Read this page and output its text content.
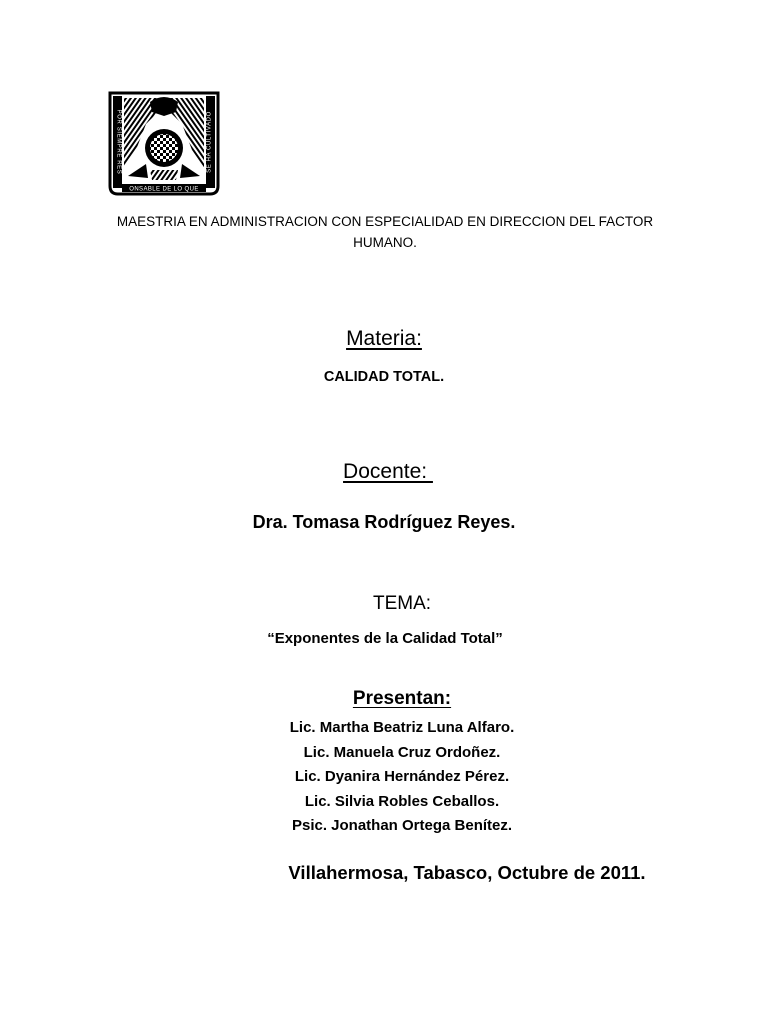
POR SIEMPRE RES	SE HA CULTIVADO
ONSABLE DE LO QUE
MAESTRIA EN ADMINISTRACION CON ESPECIALIDAD EN DIRECCION DEL FACTOR HUMANO.
Materia:
CALIDAD TOTAL.
Docente:
Dra. Tomasa Rodríguez Reyes.
TEMA:
“Exponentes de la Calidad Total”
Presentan:
Lic. Martha Beatriz Luna Alfaro.
Lic. Manuela Cruz Ordoñez.
Lic. Dyanira Hernández Pérez.
Lic. Silvia Robles Ceballos.
Psic. Jonathan Ortega Benítez.
Villahermosa, Tabasco, Octubre de 2011.
